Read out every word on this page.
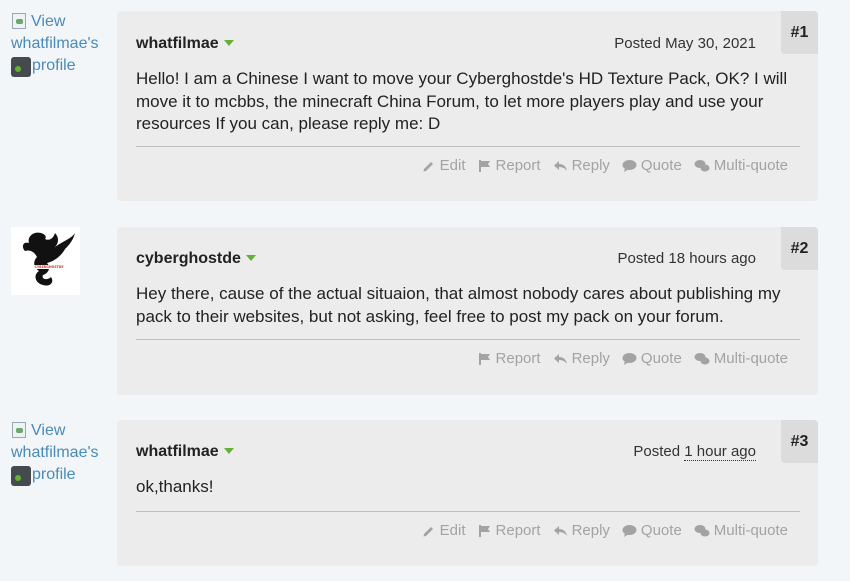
View
whatfilmae's
profile
#1
whatfilmae	Posted May 30, 2021
Hello! I am a Chinese I want to move your Cyberghostde's HD Texture Pack, OK? I will move it to mcbbs, the minecraft China Forum, to let more players play and use your resources If you can, please reply me: D
Edit Report Reply Quote Multi-quote
CYBERGHOSTDE
#2
cyberghostde	Posted 18 hours ago
Hey there, cause of the actual situaion, that almost nobody cares about publishing my pack to their websites, but not asking, feel free to post my pack on your forum.
Report Reply Quote Multi-quote
View
whatfilmae's
profile
#3
whatfilmae	Posted 1 hour ago
ok,thanks!
Edit Report Reply Quote Multi-quote
